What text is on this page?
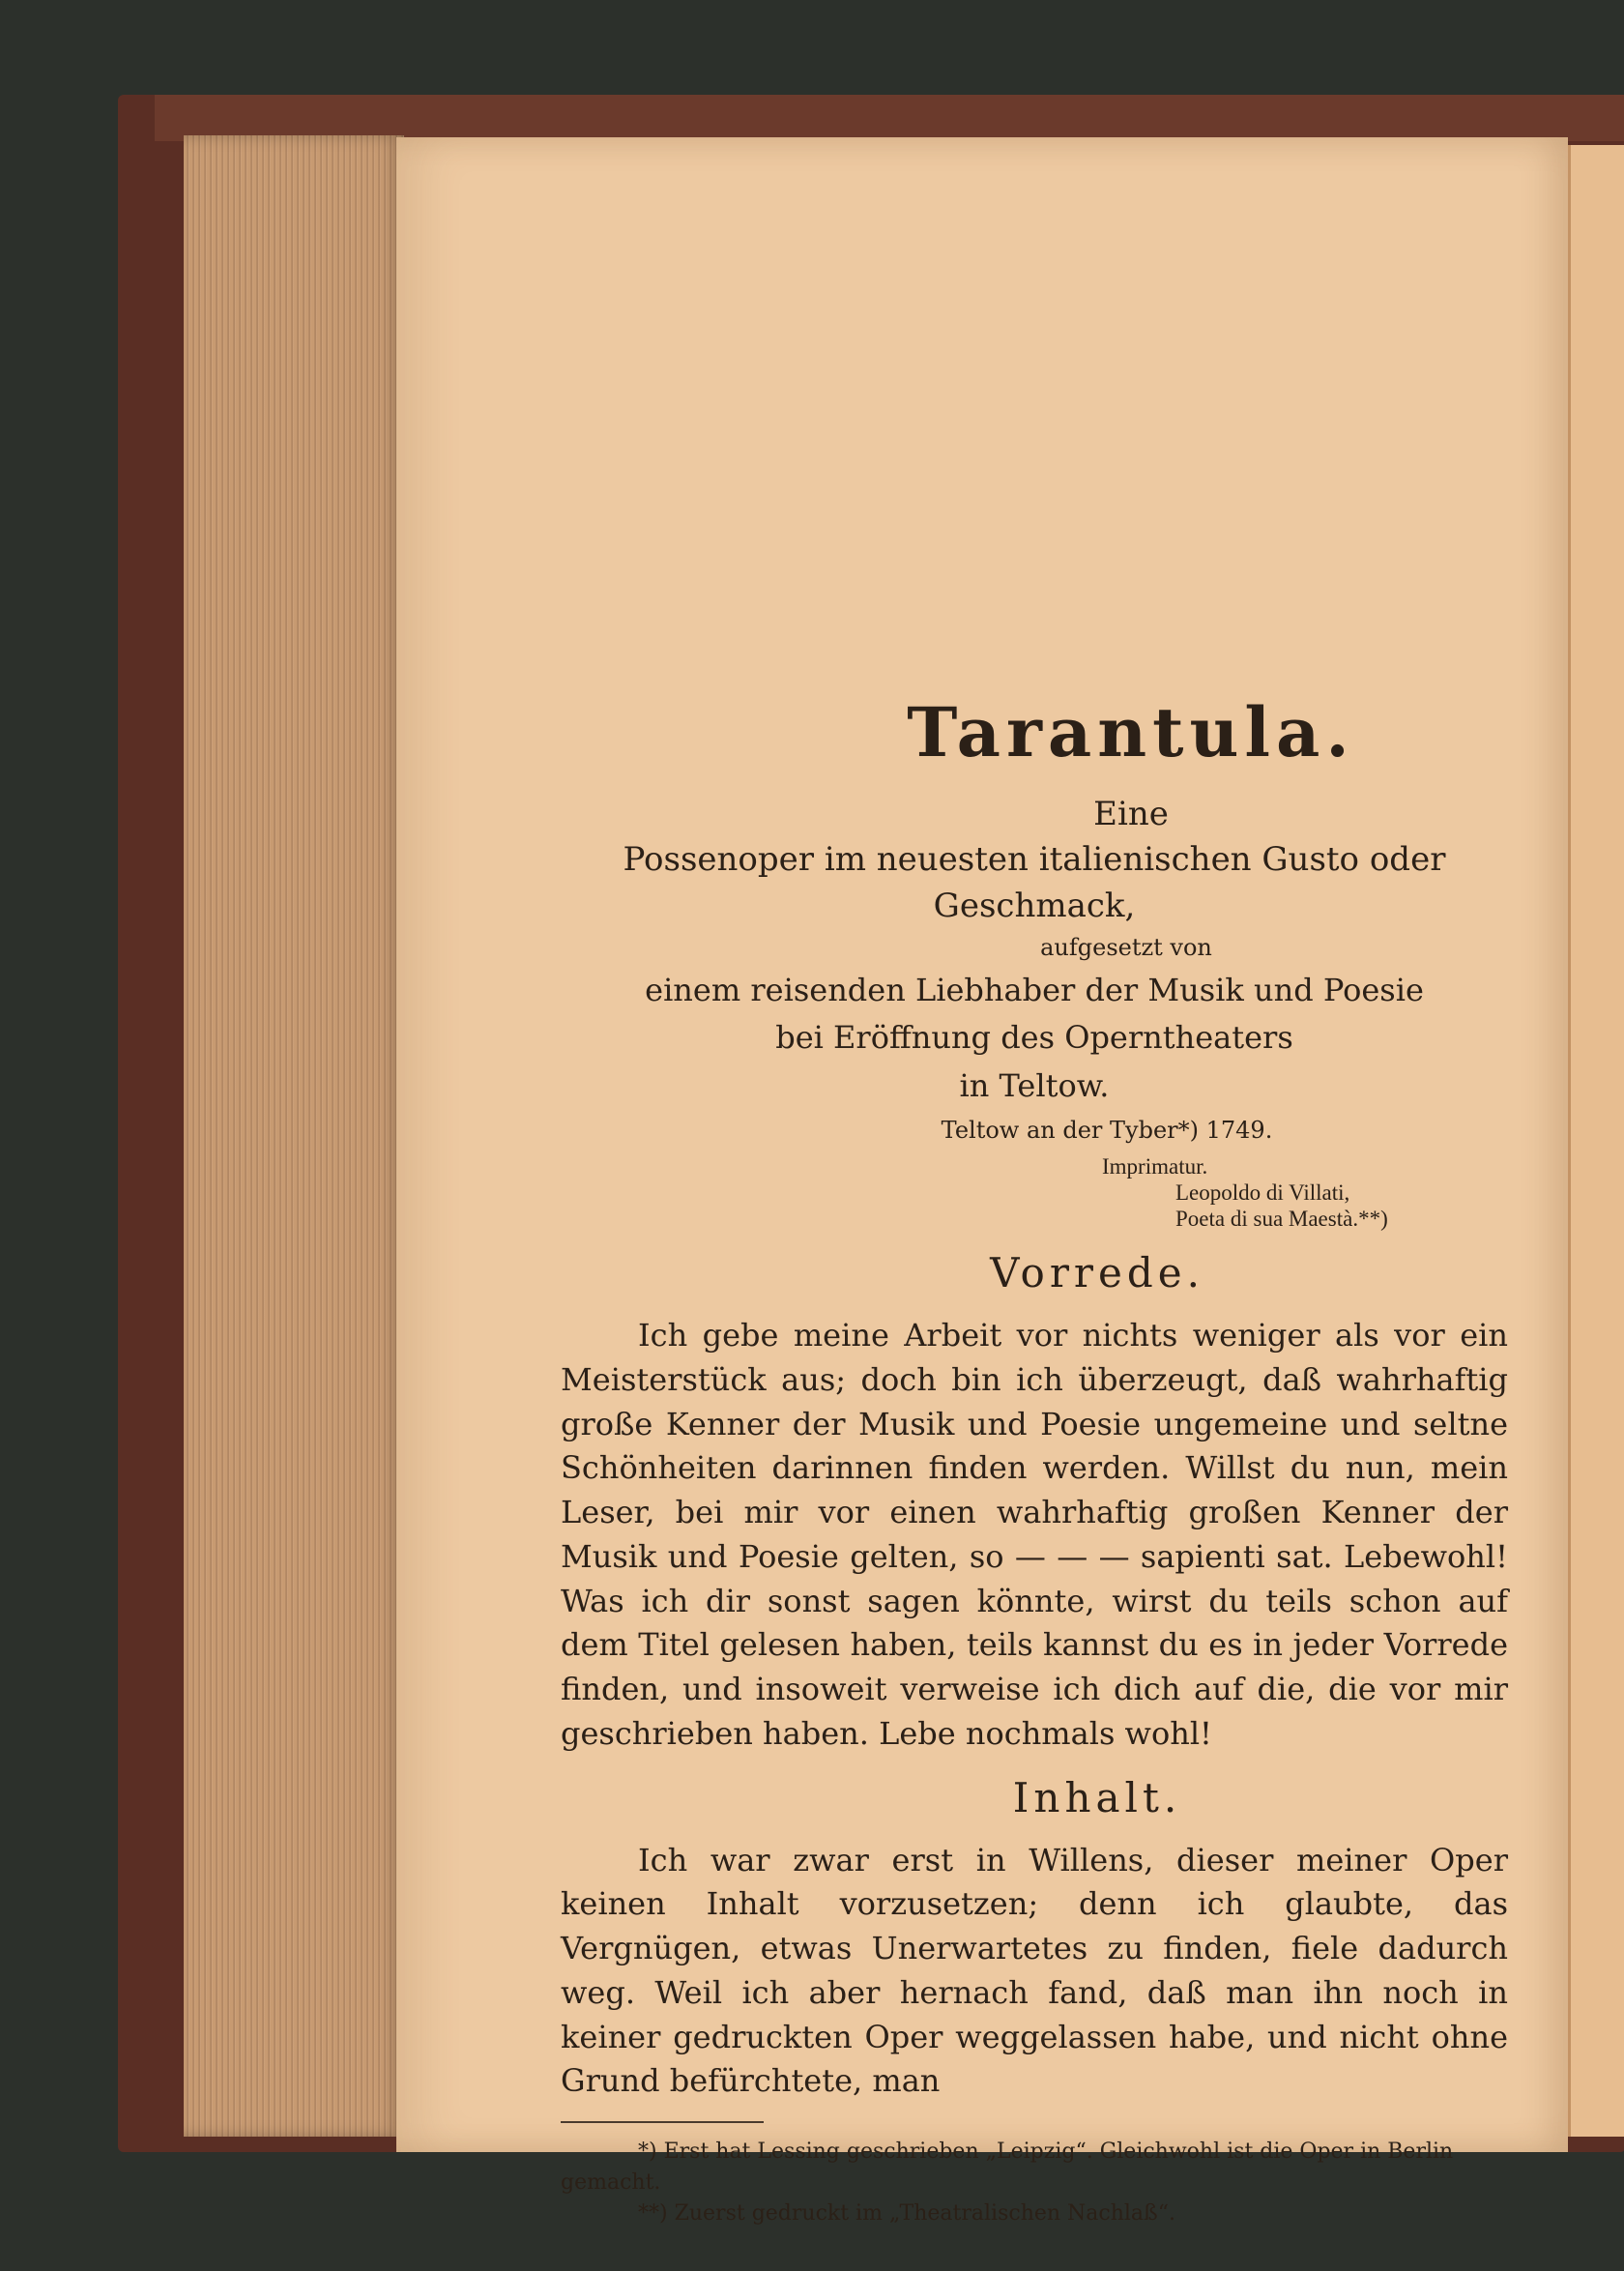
Tarantula.
Eine
Possenoper im neuesten italienischen Gusto oder Geschmack,
aufgesetzt von
einem reisenden Liebhaber der Musik und Poesie
bei Eröffnung des Operntheaters
in Teltow.
Teltow an der Tyber*) 1749.
Imprimatur.
Leopoldo di Villati,
Poeta di sua Maestà.**)
Vorrede.

Ich gebe meine Arbeit vor nichts weniger als vor ein Meisterstück aus; doch bin ich überzeugt, daß wahrhaftig große Kenner der Musik und Poesie ungemeine und seltne Schönheiten darinnen finden werden. Willst du nun, mein Leser, bei mir vor einen wahrhaftig großen Kenner der Musik und Poesie gelten, so — — — sapienti sat. Lebewohl! Was ich dir sonst sagen könnte, wirst du teils schon auf dem Titel gelesen haben, teils kannst du es in jeder Vorrede finden, und insoweit verweise ich dich auf die, die vor mir geschrieben haben. Lebe nochmals wohl!

Inhalt.

Ich war zwar erst in Willens, dieser meiner Oper keinen Inhalt vorzusetzen; denn ich glaubte, das Vergnügen, etwas Unerwartetes zu finden, fiele dadurch weg. Weil ich aber hernach fand, daß man ihn noch in keiner gedruckten Oper weggelassen habe, und nicht ohne Grund befürchtete, man

*) Erst hat Lessing geschrieben „Leipzig“. Gleichwohl ist die Oper in Berlin gemacht.

**) Zuerst gedruckt im „Theatralischen Nachlaß“.
